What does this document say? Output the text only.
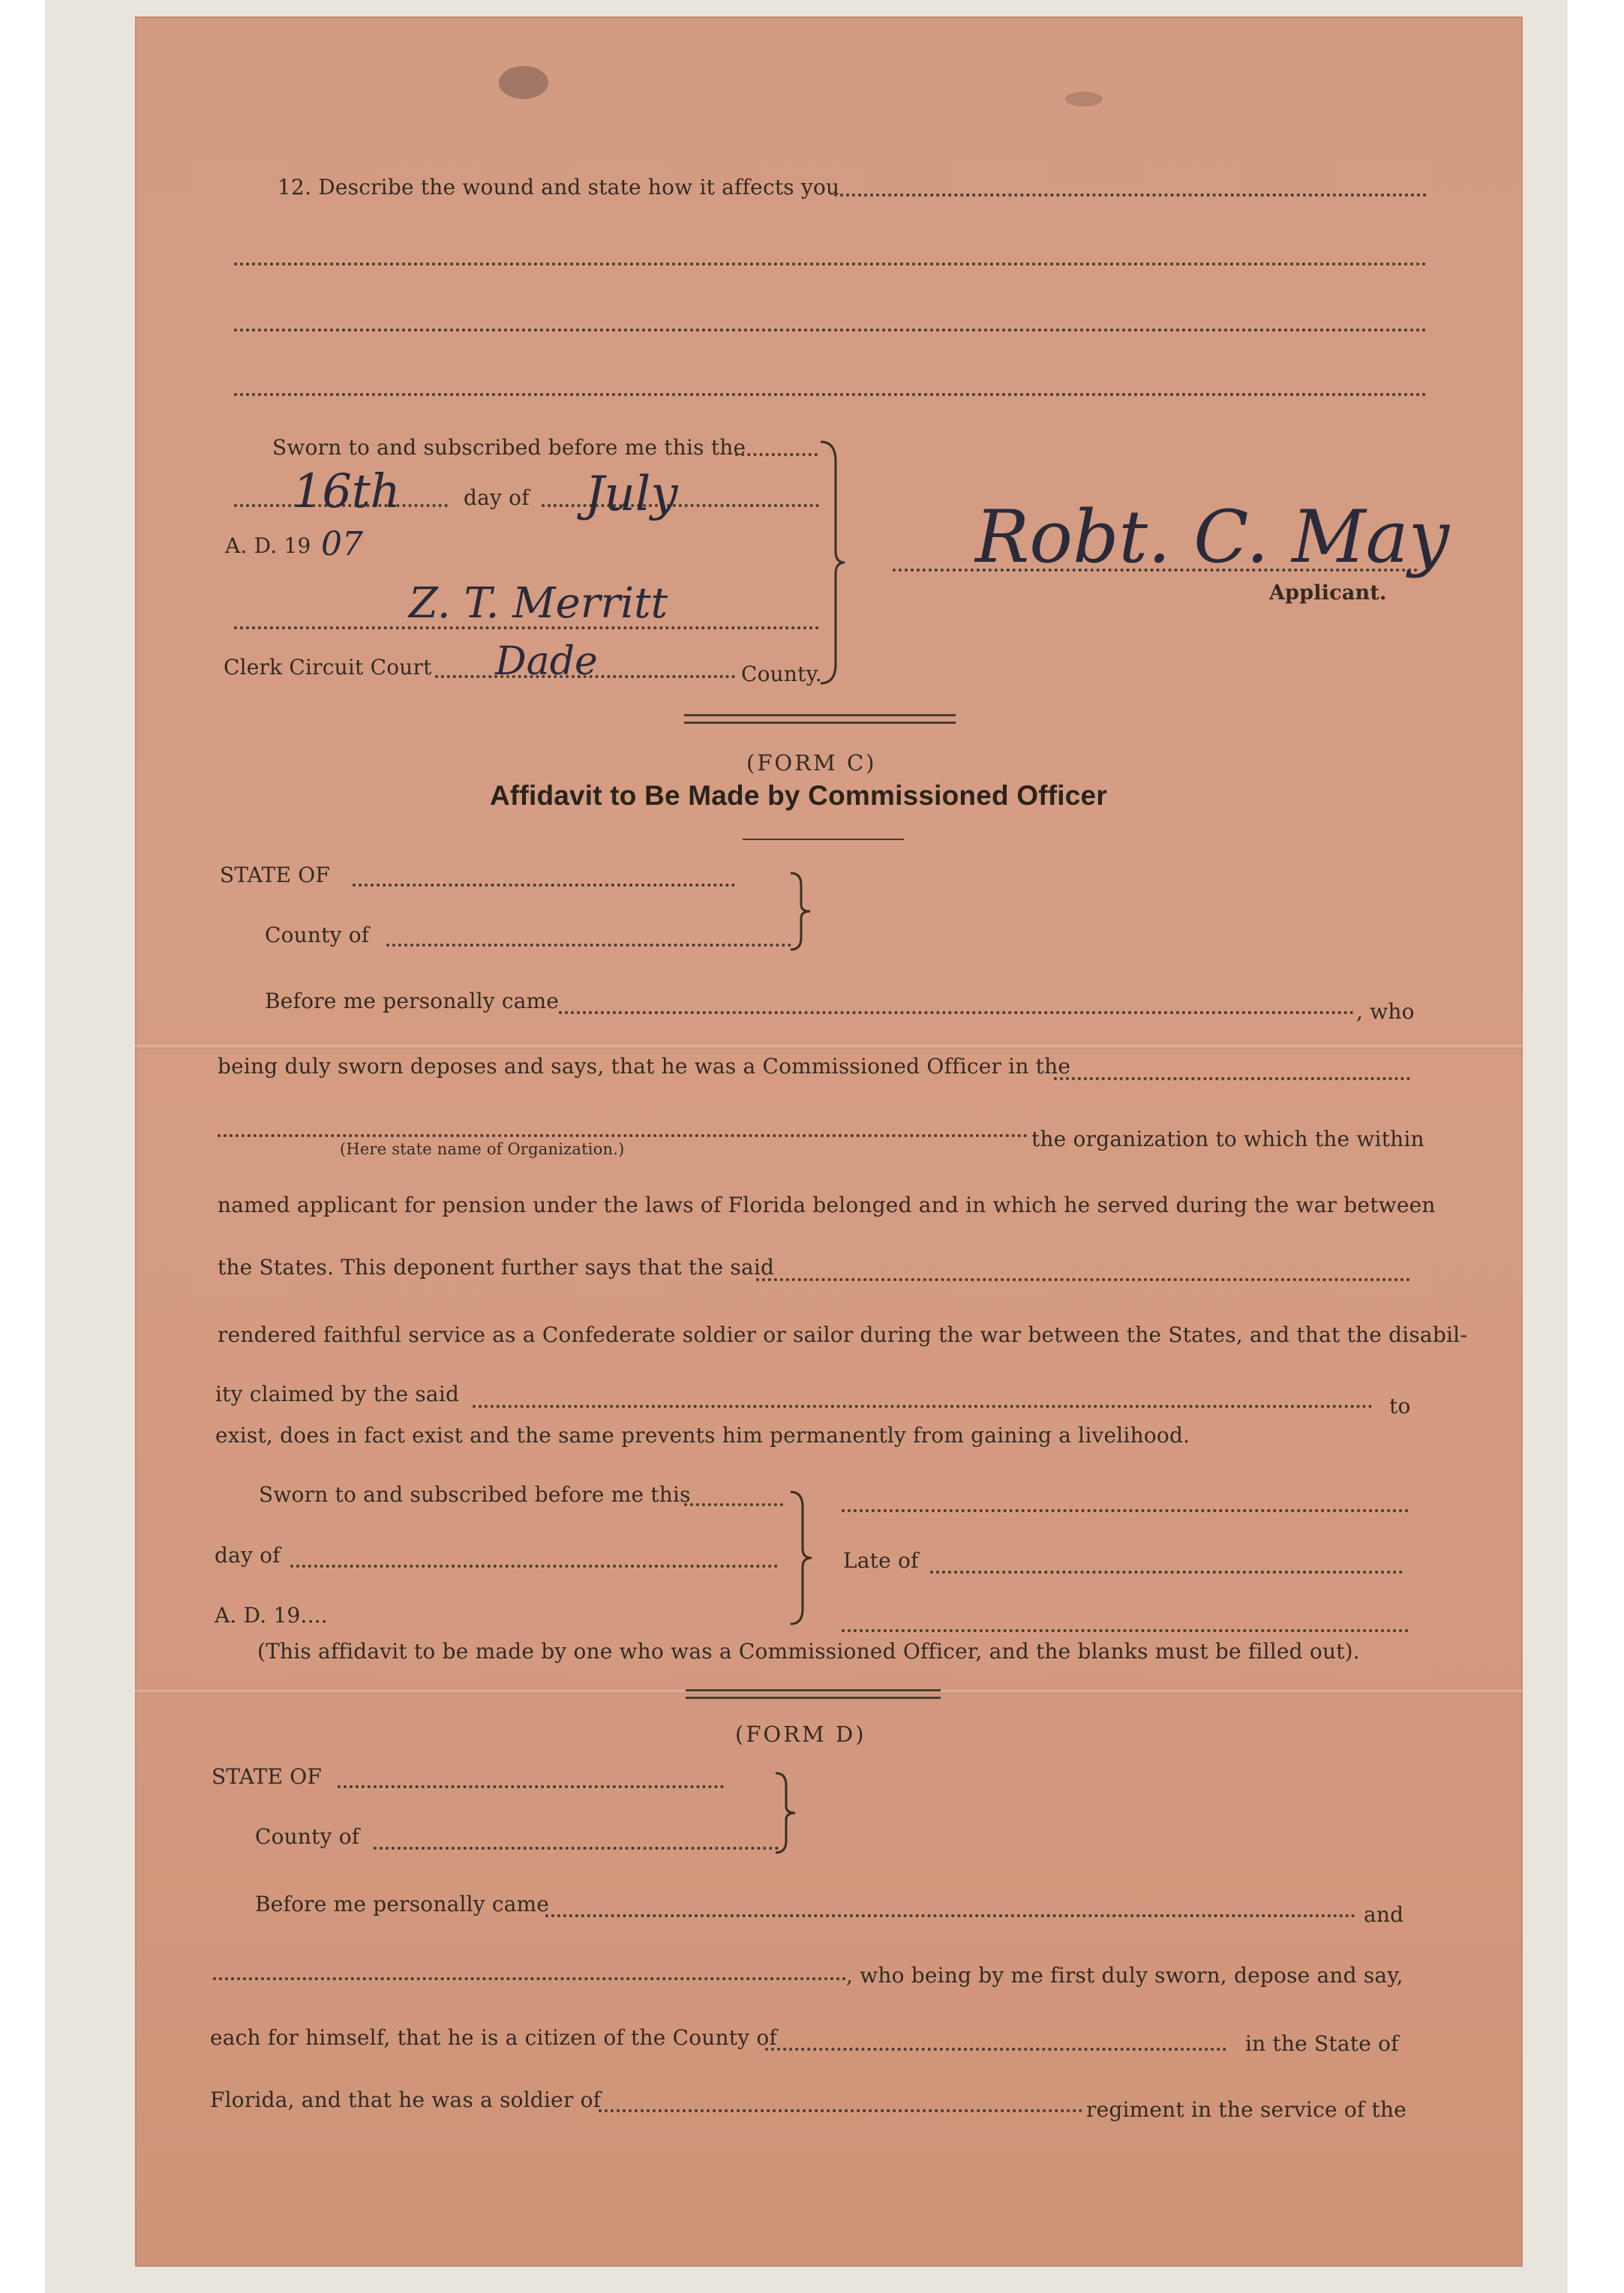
12. Describe the wound and state how it affects you
Sworn to and subscribed before me this the
16th	day of July
A. D. 19 07
Z. T. Merritt
Clerk Circuit Court Dade	County.
Robt. C. May
Applicant.
(FORM C)
Affidavit to Be Made by Commissioned Officer
STATE OF
County of
Before me personally came	, who
being duly sworn deposes and says, that he was a Commissioned Officer in the
(Here state name of Organization.)	the organization to which the within
named applicant for pension under the laws of Florida belonged and in which he served during the war between
the States. This deponent further says that the said
rendered faithful service as a Confederate soldier or sailor during the war between the States, and that the disabil-
ity claimed by the said	to
exist, does in fact exist and the same prevents him permanently from gaining a livelihood.
Sworn to and subscribed before me this
day of
A. D. 19....
Late of
(This affidavit to be made by one who was a Commissioned Officer, and the blanks must be filled out).
(FORM D)
STATE OF
County of
Before me personally came	and
, who being by me first duly sworn, depose and say,
each for himself, that he is a citizen of the County of	in the State of
Florida, and that he was a soldier of	regiment in the service of the
